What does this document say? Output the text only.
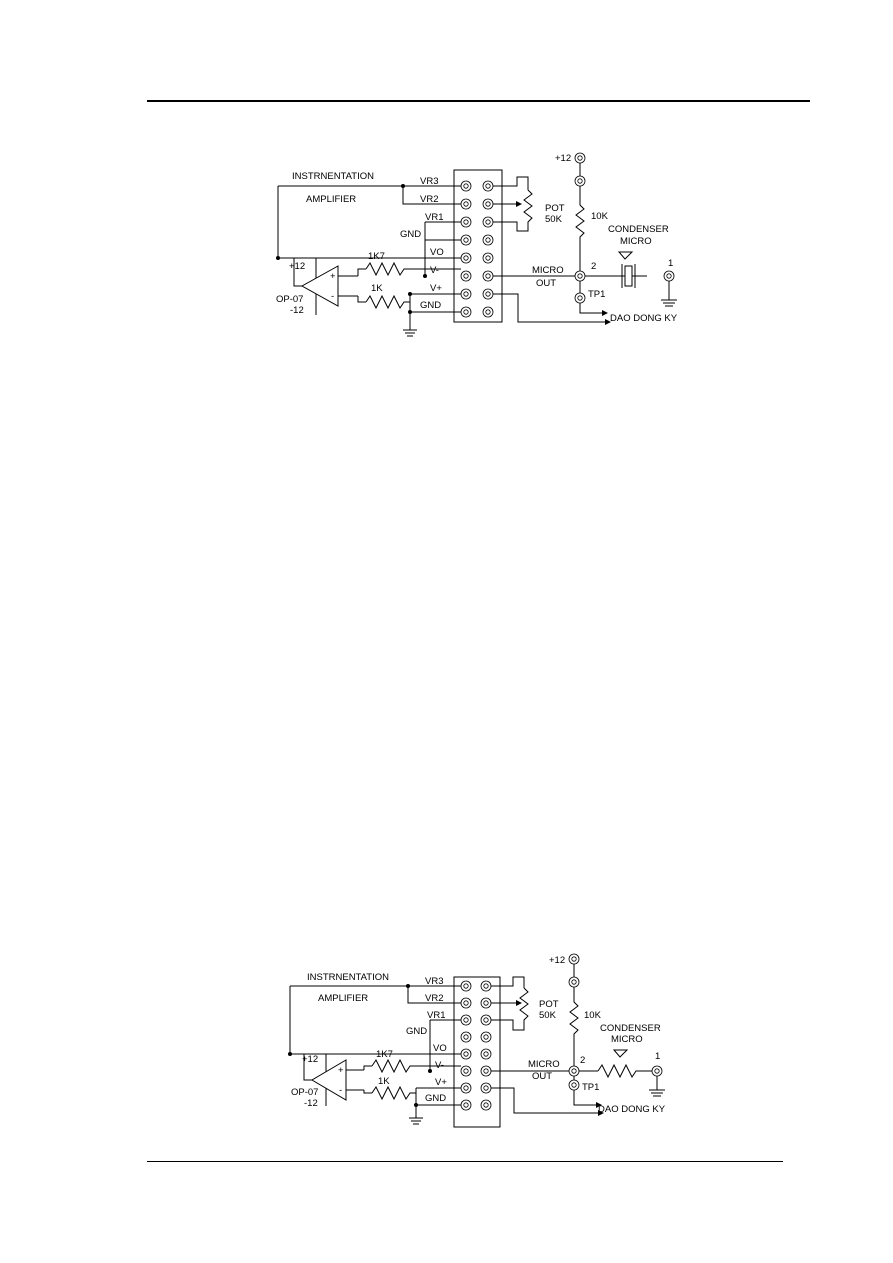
INSTRNENTATION
AMPLIFIER
VR3
VR2
VR1
GND
VO
V-
V+
GND
+12
OP-07
-12
+
-
1K7
1K
POT
50K
+12
10K
MICRO
OUT
2
TP1
CONDENSER
MICRO
1
DAO DONG KY
INSTRNENTATION
AMPLIFIER
VR3
VR2
VR1
GND
VO
V-
V+
GND
+12
OP-07
-12
+
-
1K7
1K
POT
50K
+12
10K
MICRO
OUT
2
TP1
CONDENSER
MICRO
1
DAO DONG KY
